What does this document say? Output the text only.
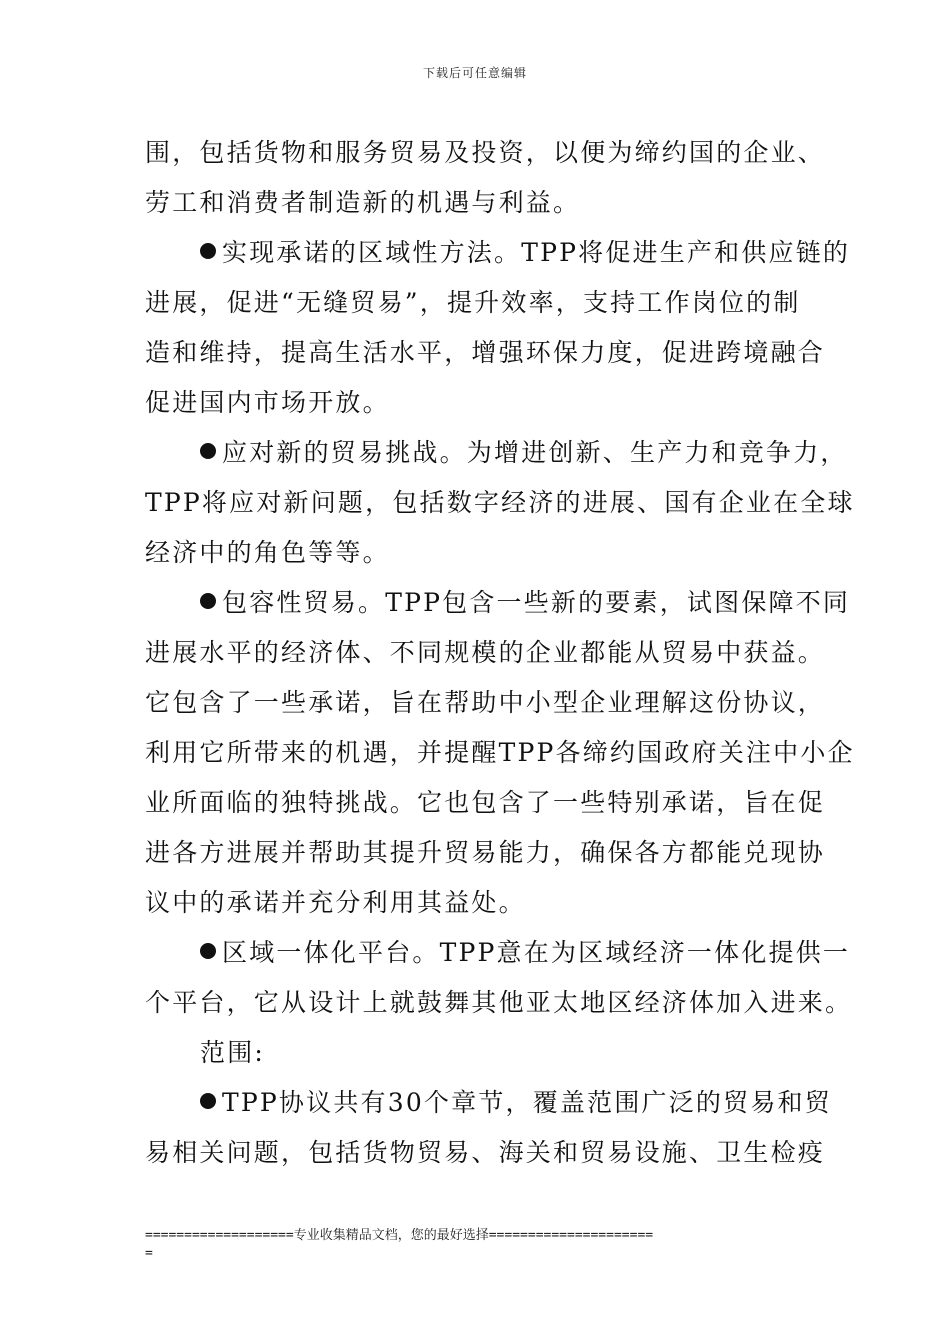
下载后可任意编辑
围，包括货物和服务贸易及投资，以便为缔约国的企业、
劳工和消费者制造新的机遇与利益。
实现承诺的区域性方法。TPP将促进生产和供应链的
进展，促进“无缝贸易”，提升效率，支持工作岗位的制
造和维持，提高生活水平，增强环保力度，促进跨境融合
促进国内市场开放。
应对新的贸易挑战。为增进创新、生产力和竞争力，
TPP将应对新问题，包括数字经济的进展、国有企业在全球
经济中的角色等等。
包容性贸易。TPP包含一些新的要素，试图保障不同
进展水平的经济体、不同规模的企业都能从贸易中获益。
它包含了一些承诺，旨在帮助中小型企业理解这份协议，
利用它所带来的机遇，并提醒TPP各缔约国政府关注中小企
业所面临的独特挑战。它也包含了一些特别承诺，旨在促
进各方进展并帮助其提升贸易能力，确保各方都能兑现协
议中的承诺并充分利用其益处。
区域一体化平台。TPP意在为区域经济一体化提供一
个平台，它从设计上就鼓舞其他亚太地区经济体加入进来。
范围:
TPP协议共有30个章节，覆盖范围广泛的贸易和贸
易相关问题，包括货物贸易、海关和贸易设施、卫生检疫
===================专业收集精品文档，您的最好选择=====================
=
